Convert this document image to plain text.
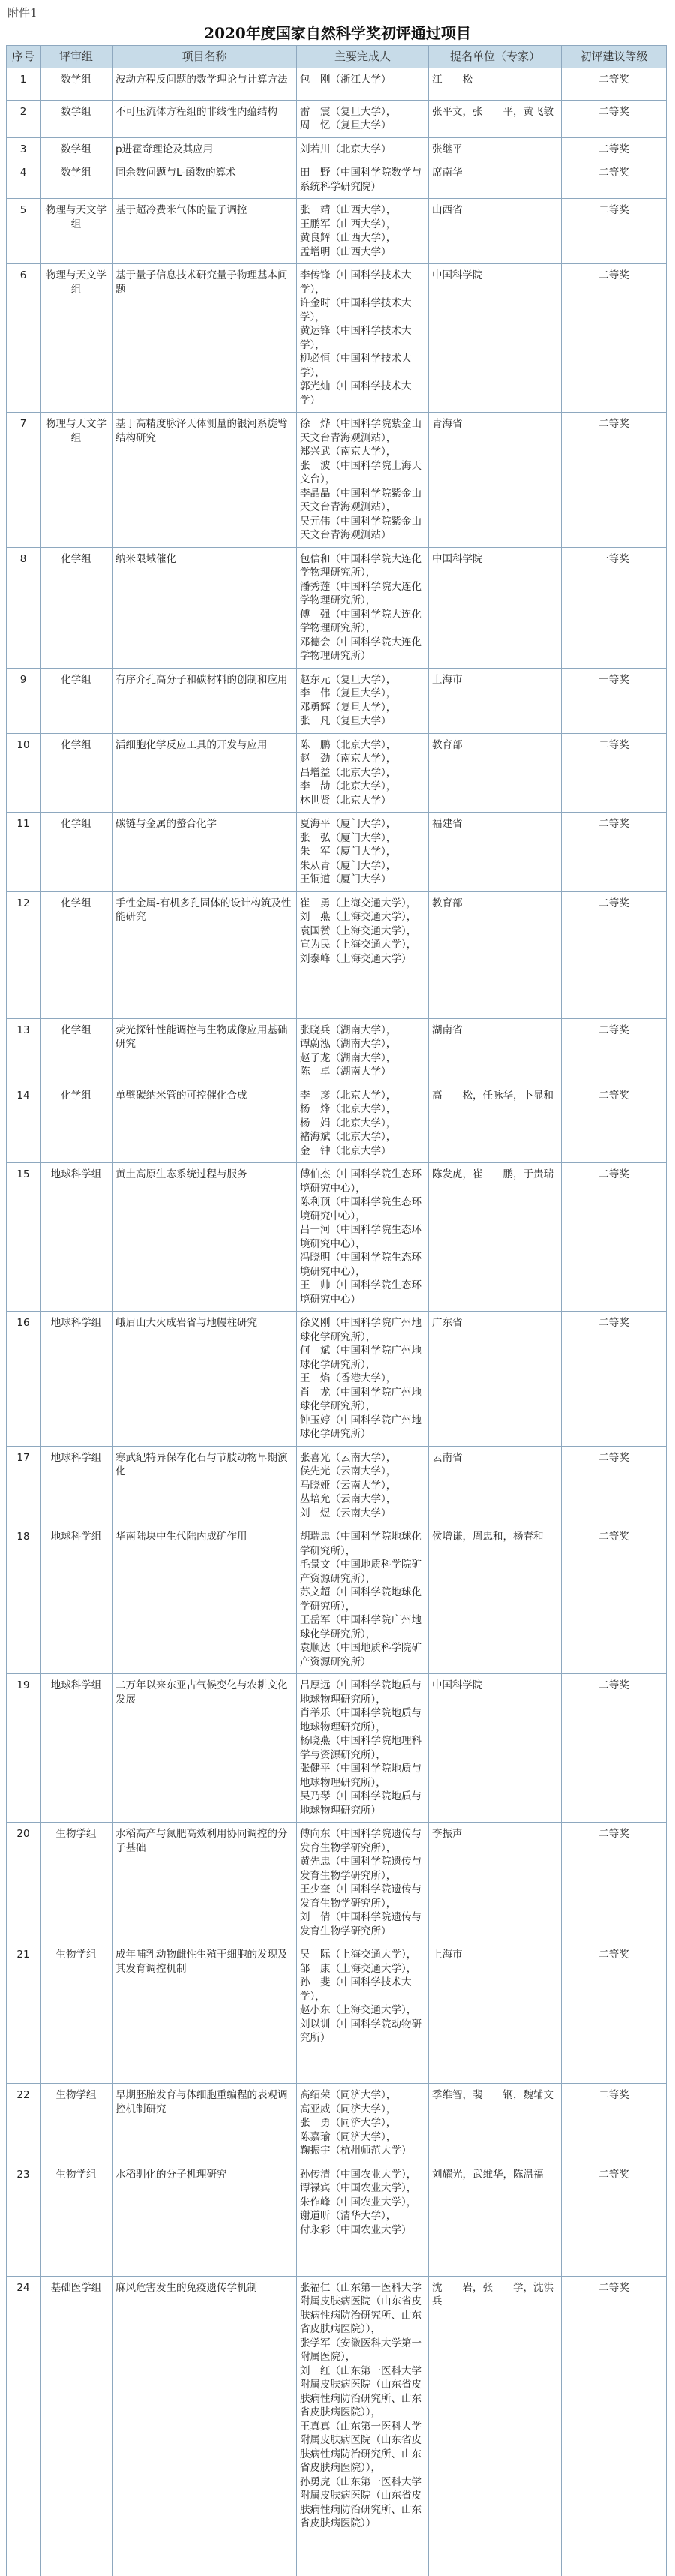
附件1
2020年度国家自然科学奖初评通过项目
序号	评审组	项目名称	主要完成人	提名单位（专家）	初评建议等级
1	数学组	波动方程反问题的数学理论与计算方法	包　刚（浙江大学）	江　　松	二等奖
2	数学组	不可压流体方程组的非线性内蕴结构	雷　震（复旦大学），
周　忆（复旦大学）	张平文，张　　平，黄飞敏	二等奖
3	数学组	p进霍奇理论及其应用	刘若川（北京大学）	张继平	二等奖
4	数学组	同余数问题与L-函数的算术	田　野（中国科学院数学与系统科学研究院）	席南华	二等奖
5	物理与天文学组	基于超冷费米气体的量子调控	张　靖（山西大学），
王鹏军（山西大学），
黄良辉（山西大学），
孟增明（山西大学）	山西省	二等奖
6	物理与天文学组	基于量子信息技术研究量子物理基本问题	李传锋（中国科学技术大学），
许金时（中国科学技术大学），
黄运锋（中国科学技术大学），
柳必恒（中国科学技术大学），
郭光灿（中国科学技术大学）	中国科学院	二等奖
7	物理与天文学组	基于高精度脉泽天体测量的银河系旋臂结构研究	徐　烨（中国科学院紫金山天文台青海观测站），
郑兴武（南京大学），
张　波（中国科学院上海天文台），
李晶晶（中国科学院紫金山天文台青海观测站），
吴元伟（中国科学院紫金山天文台青海观测站）	青海省	二等奖
8	化学组	纳米限域催化	包信和（中国科学院大连化学物理研究所），
潘秀莲（中国科学院大连化学物理研究所），
傅　强（中国科学院大连化学物理研究所），
邓德会（中国科学院大连化学物理研究所）	中国科学院	一等奖
9	化学组	有序介孔高分子和碳材料的创制和应用	赵东元（复旦大学），
李　伟（复旦大学），
邓勇辉（复旦大学），
张　凡（复旦大学）	上海市	一等奖
10	化学组	活细胞化学反应工具的开发与应用	陈　鹏（北京大学），
赵　劲（南京大学），
昌增益（北京大学），
李　劼（北京大学），
林世贤（北京大学）	教育部	二等奖
11	化学组	碳链与金属的螯合化学	夏海平（厦门大学），
张　弘（厦门大学），
朱　军（厦门大学），
朱从青（厦门大学），
王铜道（厦门大学）	福建省	二等奖
12	化学组	手性金属-有机多孔固体的设计构筑及性能研究	崔　勇（上海交通大学），
刘　燕（上海交通大学），
袁国赞（上海交通大学），
宣为民（上海交通大学），
刘泰峰（上海交通大学）	教育部	二等奖
13	化学组	荧光探针性能调控与生物成像应用基础研究	张晓兵（湖南大学），
谭蔚泓（湖南大学），
赵子龙（湖南大学），
陈　卓（湖南大学）	湖南省	二等奖
14	化学组	单壁碳纳米管的可控催化合成	李　彦（北京大学），
杨　烽（北京大学），
杨　娟（北京大学），
褚海斌（北京大学），
金　钟（北京大学）	高　　松，任咏华，卜显和	二等奖
15	地球科学组	黄土高原生态系统过程与服务	傅伯杰（中国科学院生态环境研究中心），
陈利顶（中国科学院生态环境研究中心），
吕一河（中国科学院生态环境研究中心），
冯晓明（中国科学院生态环境研究中心），
王　帅（中国科学院生态环境研究中心）	陈发虎，崔　　鹏，于贵瑞	二等奖
16	地球科学组	峨眉山大火成岩省与地幔柱研究	徐义刚（中国科学院广州地球化学研究所），
何　斌（中国科学院广州地球化学研究所），
王　焰（香港大学），
肖　龙（中国科学院广州地球化学研究所），
钟玉婷（中国科学院广州地球化学研究所）	广东省	二等奖
17	地球科学组	寒武纪特异保存化石与节肢动物早期演化	张喜光（云南大学），
侯先光（云南大学），
马晓娅（云南大学），
丛培允（云南大学），
刘　煜（云南大学）	云南省	二等奖
18	地球科学组	华南陆块中生代陆内成矿作用	胡瑞忠（中国科学院地球化学研究所），
毛景文（中国地质科学院矿产资源研究所），
苏文超（中国科学院地球化学研究所），
王岳军（中国科学院广州地球化学研究所），
袁顺达（中国地质科学院矿产资源研究所）	侯增谦，周忠和，杨春和	二等奖
19	地球科学组	二万年以来东亚古气候变化与农耕文化发展	吕厚远（中国科学院地质与地球物理研究所），
肖举乐（中国科学院地质与地球物理研究所），
杨晓燕（中国科学院地理科学与资源研究所），
张健平（中国科学院地质与地球物理研究所），
吴乃琴（中国科学院地质与地球物理研究所）	中国科学院	二等奖
20	生物学组	水稻高产与氮肥高效利用协同调控的分子基础	傅向东（中国科学院遗传与发育生物学研究所），
黄先忠（中国科学院遗传与发育生物学研究所），
王少奎（中国科学院遗传与发育生物学研究所），
刘　倩（中国科学院遗传与发育生物学研究所）	李振声	二等奖
21	生物学组	成年哺乳动物雌性生殖干细胞的发现及其发育调控机制	吴　际（上海交通大学），
邹　康（上海交通大学），
孙　斐（中国科学技术大学），
赵小东（上海交通大学），
刘以训（中国科学院动物研究所）	上海市	二等奖
22	生物学组	早期胚胎发育与体细胞重编程的表观调控机制研究	高绍荣（同济大学），
高亚威（同济大学），
张　勇（同济大学），
陈嘉瑜（同济大学），
鞠振宇（杭州师范大学）	季维智，裴　　钢，魏辅文	二等奖
23	生物学组	水稻驯化的分子机理研究	孙传清（中国农业大学），
谭禄宾（中国农业大学），
朱作峰（中国农业大学），
谢道昕（清华大学），
付永彩（中国农业大学）	刘耀光，武维华，陈温福	二等奖
24	基础医学组	麻风危害发生的免疫遗传学机制	张福仁（山东第一医科大学附属皮肤病医院（山东省皮肤病性病防治研究所、山东省皮肤病医院）），
张学军（安徽医科大学第一附属医院），
刘　红（山东第一医科大学附属皮肤病医院（山东省皮肤病性病防治研究所、山东省皮肤病医院）），
王真真（山东第一医科大学附属皮肤病医院（山东省皮肤病性病防治研究所、山东省皮肤病医院）），
孙勇虎（山东第一医科大学附属皮肤病医院（山东省皮肤病性病防治研究所、山东省皮肤病医院））	沈　　岩，张　　学，沈洪兵	二等奖
